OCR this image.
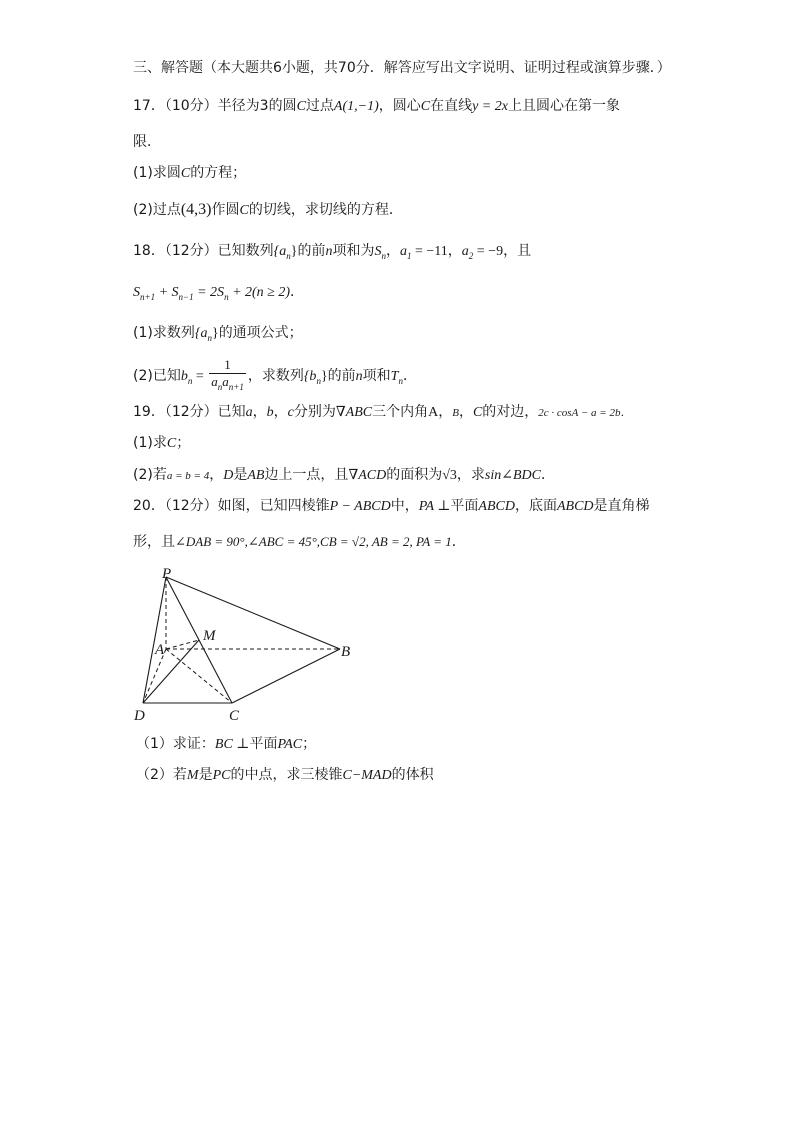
三、解答题（本大题共6小题，共70分．解答应写出文字说明、证明过程或演算步骤．）
17．（10分）半径为3的圆C过点A(1,−1)，圆心C在直线y = 2x上且圆心在第一象
限．
(1)求圆C的方程；
(2)过点(4,3)作圆C的切线，求切线的方程．
18．（12分）已知数列$\{a_n\}$的前n项和为$S_n$，$a_1 = -11$，$a_2 = -9$，且
$S_{n+1} + S_{n-1} = 2S_n + 2(n \ge 2)$．
(1)求数列$\{a_n\}$的通项公式；
(2)已知$b_n = \frac{1}{a_na_{n+1}}$ ，求数列$\{b_n\}$的前n项和$T_n$．
19．（12分）已知a，b，c分别为∇ABC三个内角A，B，C的对边，2c · cosA − a = 2b．
(1)求C；
(2)若a = b = 4，D是AB边上一点，且∇ACD的面积为√3，求sin∠BDC．
20．（12分）如图，已知四棱锥P − ABCD中，PA ⊥平面ABCD，底面ABCD是直角梯
形，且∠DAB = 90°,∠ABC = 45°,CB = √2, AB = 2, PA = 1．
P
M
A	B
C
D
（1）求证：BC ⊥平面PAC；
（2）若M是PC的中点，求三棱锥C−MAD的体积
